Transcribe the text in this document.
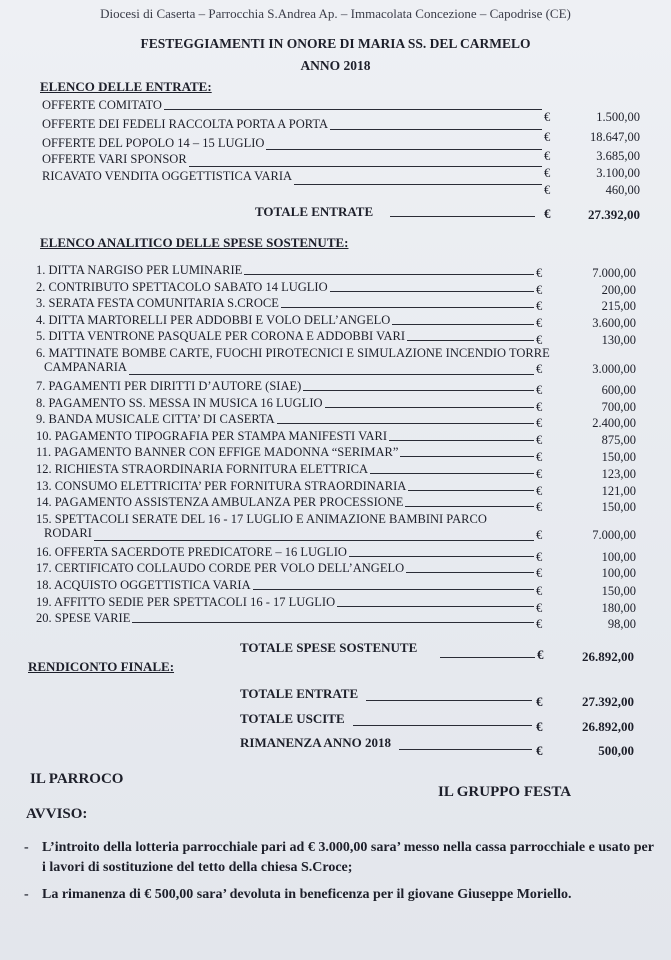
Diocesi di Caserta – Parrocchia S.Andrea Ap. – Immacolata Concezione – Capodrise (CE)
FESTEGGIAMENTI IN ONORE DI MARIA SS. DEL CARMELO
ANNO 2018
ELENCO DELLE ENTRATE:
OFFERTE COMITATO
€	1.500,00
OFFERTE DEI FEDELI RACCOLTA PORTA A PORTA
€	18.647,00
OFFERTE DEL POPOLO 14 – 15 LUGLIO
€	3.685,00
OFFERTE VARI SPONSOR
€	3.100,00
RICAVATO VENDITA OGGETTISTICA VARIA
€	460,00
TOTALE ENTRATE	€	27.392,00
ELENCO ANALITICO DELLE SPESE SOSTENUTE:
1. DITTA NARGISO PER LUMINARIE	€	7.000,00
2. CONTRIBUTO SPETTACOLO SABATO 14 LUGLIO	€	200,00
3. SERATA FESTA COMUNITARIA S.CROCE	€	215,00
4. DITTA MARTORELLI PER ADDOBBI E VOLO DELL’ANGELO	€	3.600,00
5. DITTA VENTRONE PASQUALE PER CORONA E ADDOBBI VARI	€	130,00
6. MATTINATE BOMBE CARTE, FUOCHI PIROTECNICI E SIMULAZIONE INCENDIO TORRE
CAMPANARIA	€	3.000,00
7. PAGAMENTI PER DIRITTI D’AUTORE (SIAE)	€	600,00
8. PAGAMENTO SS. MESSA IN MUSICA 16 LUGLIO	€	700,00
9. BANDA MUSICALE CITTA’ DI CASERTA	€	2.400,00
10. PAGAMENTO TIPOGRAFIA PER STAMPA MANIFESTI VARI	€	875,00
11. PAGAMENTO BANNER CON EFFIGE MADONNA “SERIMAR”	€	150,00
12. RICHIESTA STRAORDINARIA FORNITURA ELETTRICA	€	123,00
13. CONSUMO ELETTRICITA’ PER FORNITURA STRAORDINARIA	€	121,00
14. PAGAMENTO ASSISTENZA AMBULANZA PER PROCESSIONE	€	150,00
15. SPETTACOLI SERATE DEL 16 - 17 LUGLIO E ANIMAZIONE BAMBINI PARCO
RODARI	€	7.000,00
16. OFFERTA SACERDOTE PREDICATORE – 16 LUGLIO	€	100,00
17. CERTIFICATO COLLAUDO CORDE PER VOLO DELL’ANGELO	€	100,00
18. ACQUISTO OGGETTISTICA VARIA	€	150,00
19. AFFITTO SEDIE PER SPETTACOLI 16 - 17 LUGLIO	€	180,00
20. SPESE VARIE	€	98,00
TOTALE SPESE SOSTENUTE	€	26.892,00
RENDICONTO FINALE:
TOTALE ENTRATE
€	27.392,00
TOTALE USCITE
€	26.892,00
RIMANENZA ANNO 2018
€	500,00
IL PARROCO
IL GRUPPO FESTA
AVVISO:
- L’introito della lotteria parrocchiale pari ad € 3.000,00 sara’ messo nella cassa parrocchiale e usato per i lavori di sostituzione del tetto della chiesa S.Croce;
- La rimanenza di € 500,00 sara’ devoluta in beneficenza per il giovane Giuseppe Moriello.
